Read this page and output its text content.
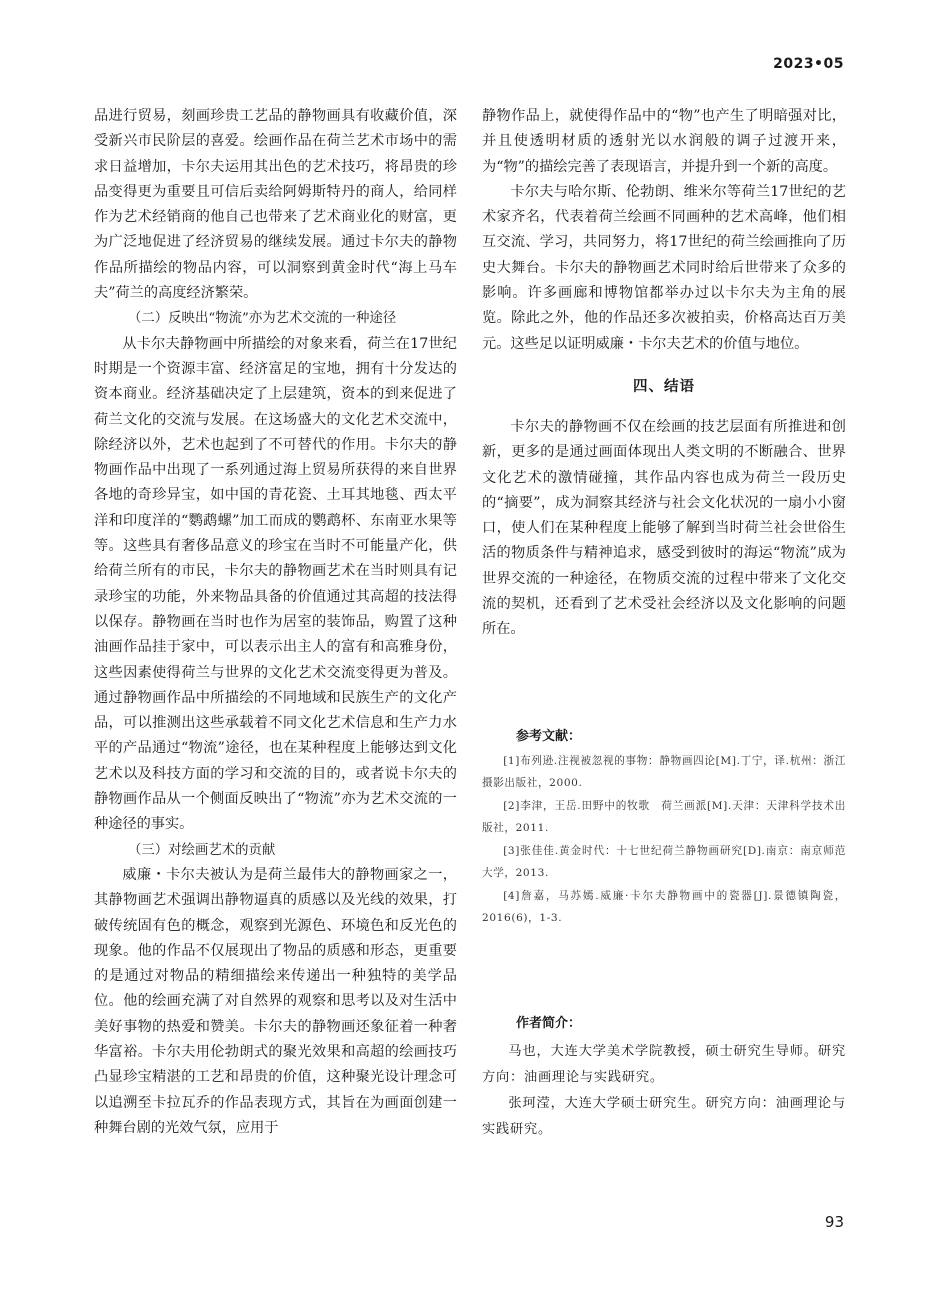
2023•05

品进行贸易，刻画珍贵工艺品的静物画具有收藏价值，深受新兴市民阶层的喜爱。绘画作品在荷兰艺术市场中的需求日益增加，卡尔夫运用其出色的艺术技巧，将昂贵的珍品变得更为重要且可信后卖给阿姆斯特丹的商人，给同样作为艺术经销商的他自己也带来了艺术商业化的财富，更为广泛地促进了经济贸易的继续发展。通过卡尔夫的静物作品所描绘的物品内容，可以洞察到黄金时代“海上马车夫”荷兰的高度经济繁荣。

（二）反映出“物流”亦为艺术交流的一种途径

从卡尔夫静物画中所描绘的对象来看，荷兰在17世纪时期是一个资源丰富、经济富足的宝地，拥有十分发达的资本商业。经济基础决定了上层建筑，资本的到来促进了荷兰文化的交流与发展。在这场盛大的文化艺术交流中，除经济以外，艺术也起到了不可替代的作用。卡尔夫的静物画作品中出现了一系列通过海上贸易所获得的来自世界各地的奇珍异宝，如中国的青花瓷、土耳其地毯、西太平洋和印度洋的“鹦鹉螺”加工而成的鹦鹉杯、东南亚水果等等。这些具有奢侈品意义的珍宝在当时不可能量产化，供给荷兰所有的市民，卡尔夫的静物画艺术在当时则具有记录珍宝的功能，外来物品具备的价值通过其高超的技法得以保存。静物画在当时也作为居室的装饰品，购置了这种油画作品挂于家中，可以表示出主人的富有和高雅身份，这些因素使得荷兰与世界的文化艺术交流变得更为普及。通过静物画作品中所描绘的不同地域和民族生产的文化产品，可以推测出这些承载着不同文化艺术信息和生产力水平的产品通过“物流”途径，也在某种程度上能够达到文化艺术以及科技方面的学习和交流的目的，或者说卡尔夫的静物画作品从一个侧面反映出了“物流”亦为艺术交流的一种途径的事实。

（三）对绘画艺术的贡献

威廉・卡尔夫被认为是荷兰最伟大的静物画家之一，其静物画艺术强调出静物逼真的质感以及光线的效果，打破传统固有色的概念，观察到光源色、环境色和反光色的现象。他的作品不仅展现出了物品的质感和形态，更重要的是通过对物品的精细描绘来传递出一种独特的美学品位。他的绘画充满了对自然界的观察和思考以及对生活中美好事物的热爱和赞美。卡尔夫的静物画还象征着一种奢华富裕。卡尔夫用伦勃朗式的聚光效果和高超的绘画技巧凸显珍宝精湛的工艺和昂贵的价值，这种聚光设计理念可以追溯至卡拉瓦乔的作品表现方式，其旨在为画面创建一种舞台剧的光效气氛，应用于

静物作品上，就使得作品中的“物”也产生了明暗强对比，并且使透明材质的透射光以水润般的调子过渡开来，为“物”的描绘完善了表现语言，并提升到一个新的高度。

卡尔夫与哈尔斯、伦勃朗、维米尔等荷兰17世纪的艺术家齐名，代表着荷兰绘画不同画种的艺术高峰，他们相互交流、学习，共同努力，将17世纪的荷兰绘画推向了历史大舞台。卡尔夫的静物画艺术同时给后世带来了众多的影响。许多画廊和博物馆都举办过以卡尔夫为主角的展览。除此之外，他的作品还多次被拍卖，价格高达百万美元。这些足以证明威廉・卡尔夫艺术的价值与地位。

四、结语

卡尔夫的静物画不仅在绘画的技艺层面有所推进和创新，更多的是通过画面体现出人类文明的不断融合、世界文化艺术的激情碰撞，其作品内容也成为荷兰一段历史的“摘要”，成为洞察其经济与社会文化状况的一扇小小窗口，使人们在某种程度上能够了解到当时荷兰社会世俗生活的物质条件与精神追求，感受到彼时的海运“物流”成为世界交流的一种途径，在物质交流的过程中带来了文化交流的契机，还看到了艺术受社会经济以及文化影响的问题所在。

参考文献：

[1]布列逊.注视被忽视的事物：静物画四论[M].丁宁，译.杭州：浙江摄影出版社，2000.

[2]李津，王岳.田野中的牧歌　荷兰画派[M].天津：天津科学技术出版社，2011.

[3]张佳佳.黄金时代：十七世纪荷兰静物画研究[D].南京：南京师范大学，2013.

[4]詹嘉，马苏嫣.威廉·卡尔夫静物画中的瓷器[J].景德镇陶瓷，2016(6)，1-3.

作者简介：

马也，大连大学美术学院教授，硕士研究生导师。研究方向：油画理论与实践研究。

张珂滢，大连大学硕士研究生。研究方向：油画理论与实践研究。

93
